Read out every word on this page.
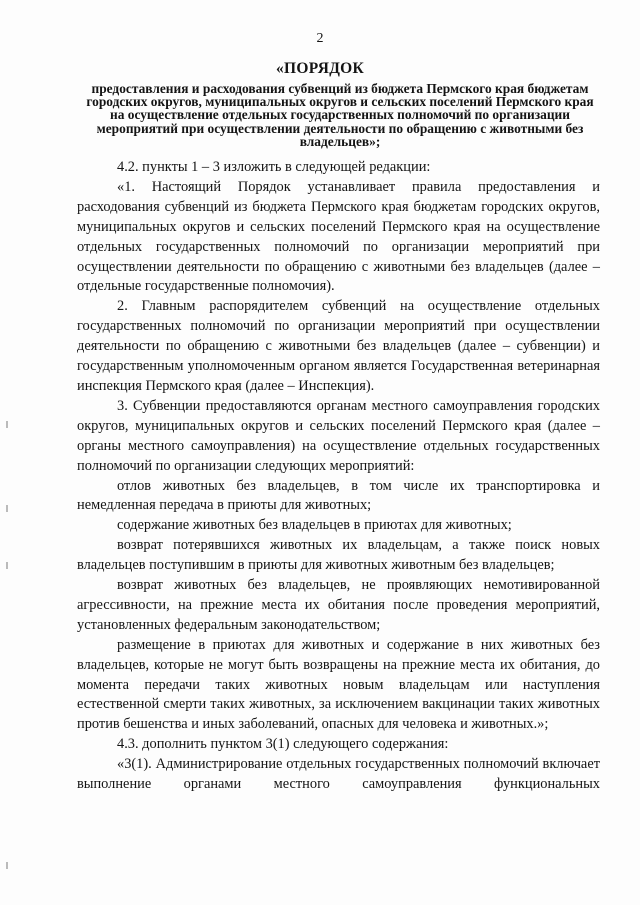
2
«ПОРЯДОК
предоставления и расходования субвенций из бюджета Пермского края бюджетам городских округов, муниципальных округов и сельских поселений Пермского края на осуществление отдельных государственных полномочий по организации мероприятий при осуществлении деятельности по обращению с животными без владельцев»;

4.2. пункты 1 – 3 изложить в следующей редакции:

«1. Настоящий Порядок устанавливает правила предоставления и расходования субвенций из бюджета Пермского края бюджетам городских округов, муниципальных округов и сельских поселений Пермского края на осуществление отдельных государственных полномочий по организации мероприятий при осуществлении деятельности по обращению с животными без владельцев (далее – отдельные государственные полномочия).

2. Главным распорядителем субвенций на осуществление отдельных государственных полномочий по организации мероприятий при осуществлении деятельности по обращению с животными без владельцев (далее – субвенции) и государственным уполномоченным органом является Государственная ветеринарная инспекция Пермского края (далее – Инспекция).

3. Субвенции предоставляются органам местного самоуправления городских округов, муниципальных округов и сельских поселений Пермского края (далее – органы местного самоуправления) на осуществление отдельных государственных полномочий по организации следующих мероприятий:

отлов животных без владельцев, в том числе их транспортировка и немедленная передача в приюты для животных;

содержание животных без владельцев в приютах для животных;

возврат потерявшихся животных их владельцам, а также поиск новых владельцев поступившим в приюты для животных животным без владельцев;

возврат животных без владельцев, не проявляющих немотивированной агрессивности, на прежние места их обитания после проведения мероприятий, установленных федеральным законодательством;

размещение в приютах для животных и содержание в них животных без владельцев, которые не могут быть возвращены на прежние места их обитания, до момента передачи таких животных новым владельцам или наступления естественной смерти таких животных, за исключением вакцинации таких животных против бешенства и иных заболеваний, опасных для человека и животных.»;

4.3. дополнить пунктом 3(1) следующего содержания:

«3(1). Администрирование отдельных государственных полномочий включает выполнение органами местного самоуправления функциональных
